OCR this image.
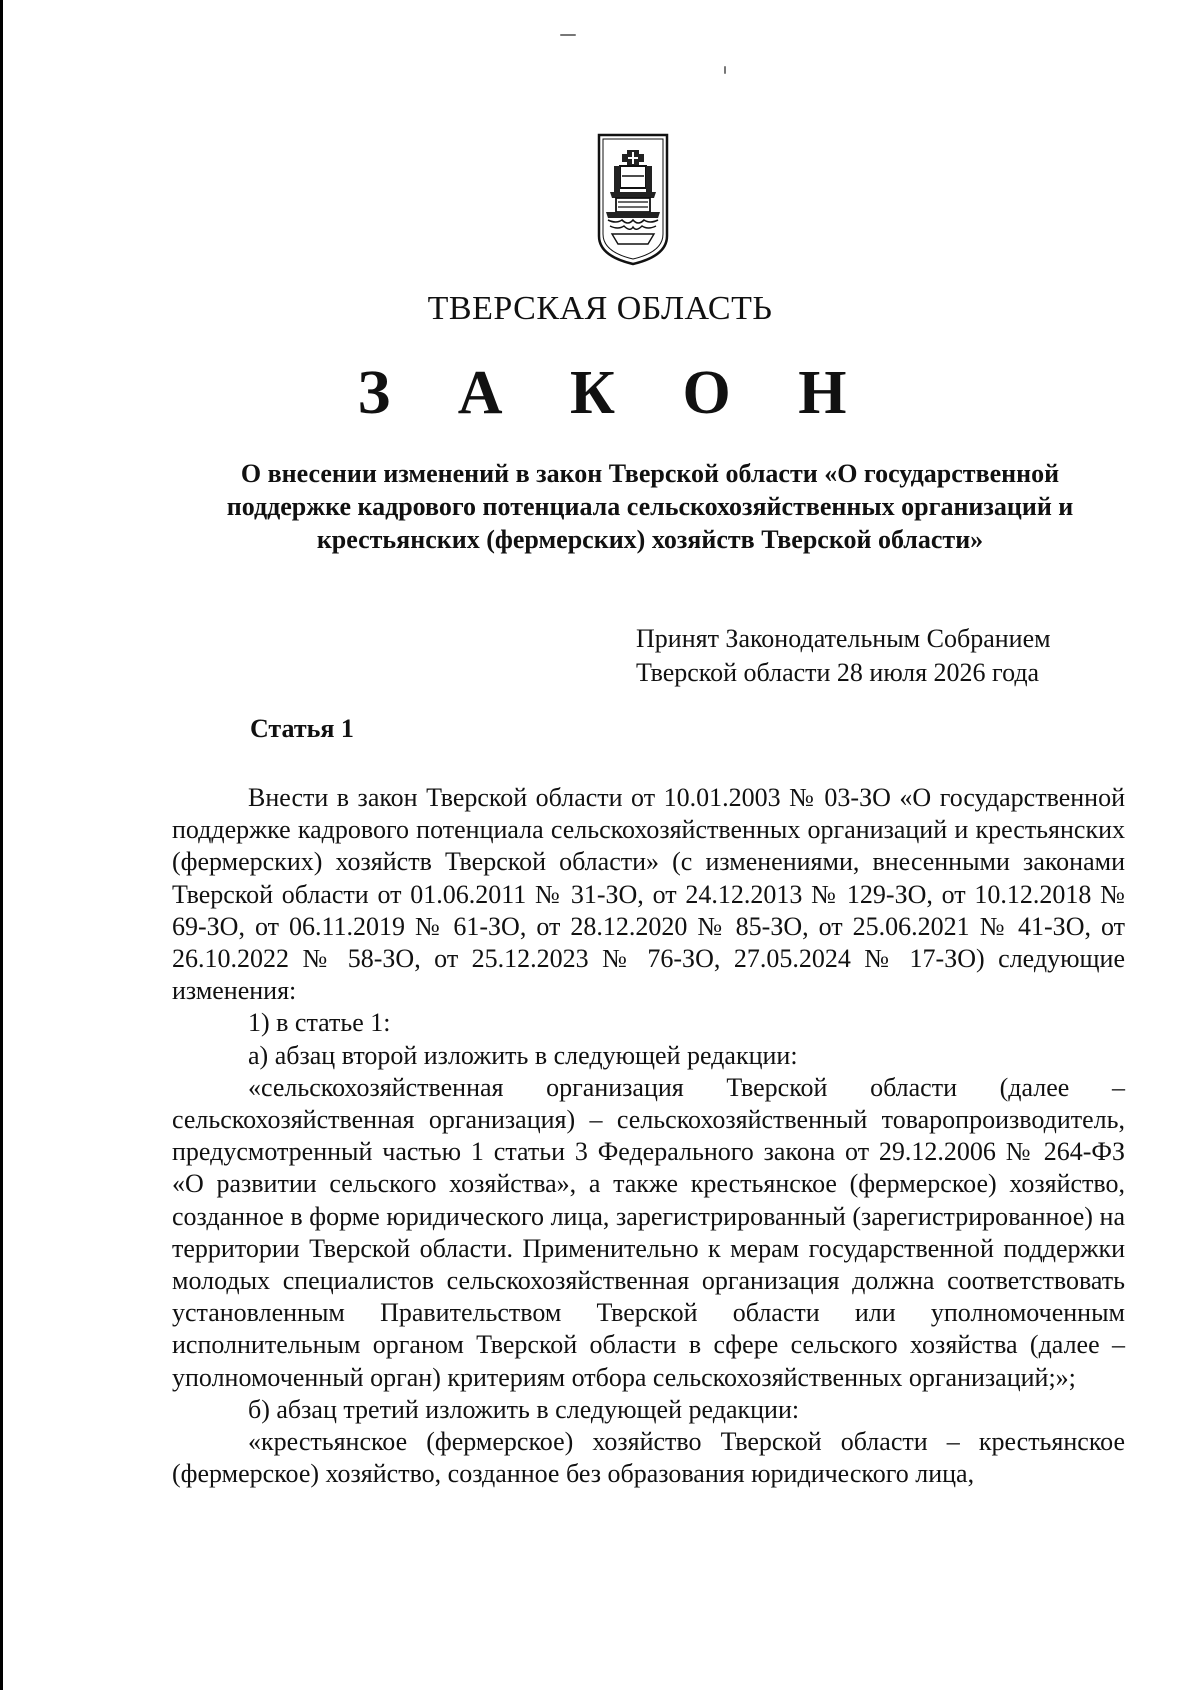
ТВЕРСКАЯ ОБЛАСТЬ
З А К О Н
О внесении изменений в закон Тверской области «О государственной
поддержке кадрового потенциала сельскохозяйственных организаций и
крестьянских (фермерских) хозяйств Тверской области»
Принят Законодательным Собранием
Тверской области 28 июля 2026 года
Статья 1

Внести в закон Тверской области от 10.01.2003 № 03-ЗО «О государственной поддержке кадрового потенциала сельскохозяйственных организаций и крестьянских (фермерских) хозяйств Тверской области» (с изменениями, внесенными законами Тверской области от 01.06.2011 № 31-ЗО, от 24.12.2013 № 129-ЗО, от 10.12.2018 № 69-ЗО, от 06.11.2019 № 61-ЗО, от 28.12.2020 № 85-ЗО, от 25.06.2021 № 41-ЗО, от 26.10.2022 № 58-ЗО, от 25.12.2023 № 76-ЗО, 27.05.2024 № 17-ЗО) следующие изменения:

1) в статье 1:

а) абзац второй изложить в следующей редакции:

«сельскохозяйственная организация Тверской области (далее – сельскохозяйственная организация) – сельскохозяйственный товаропроизводитель, предусмотренный частью 1 статьи 3 Федерального закона от 29.12.2006 № 264-ФЗ «О развитии сельского хозяйства», а также крестьянское (фермерское) хозяйство, созданное в форме юридического лица, зарегистрированный (зарегистрированное) на территории Тверской области. Применительно к мерам государственной поддержки молодых специалистов сельскохозяйственная организация должна соответствовать установленным Правительством Тверской области или уполномоченным исполнительным органом Тверской области в сфере сельского хозяйства (далее – уполномоченный орган) критериям отбора сельскохозяйственных организаций;»;

б) абзац третий изложить в следующей редакции:

«крестьянское (фермерское) хозяйство Тверской области – крестьянское (фермерское) хозяйство, созданное без образования юридического лица,
